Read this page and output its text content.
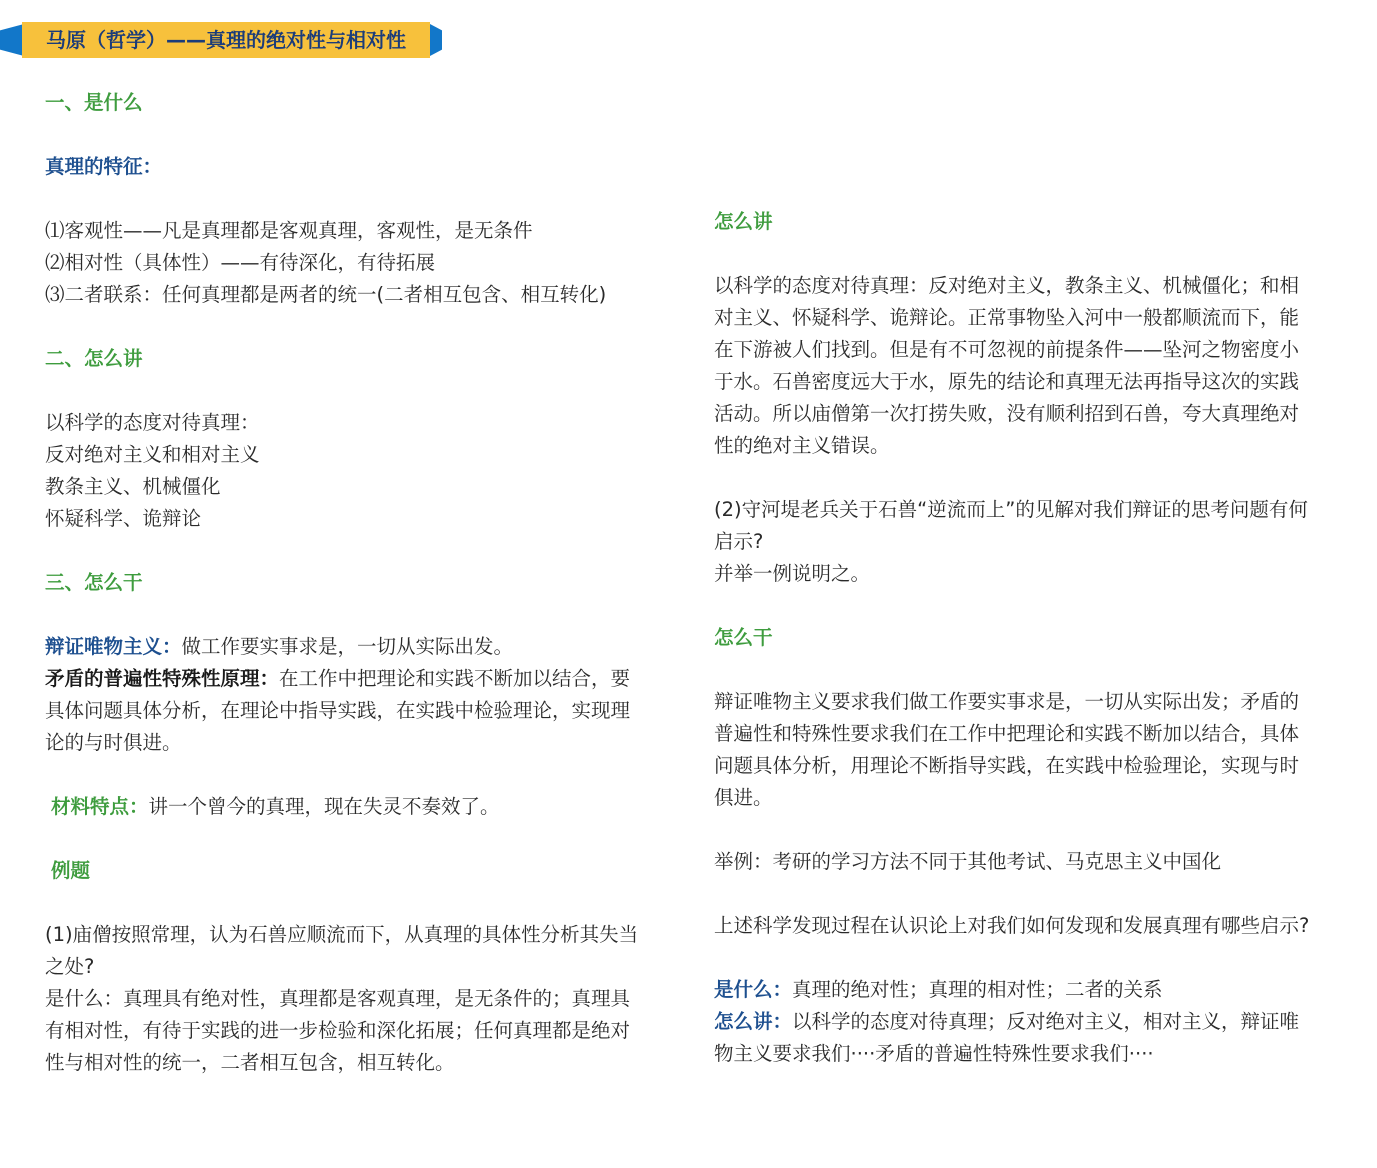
马原（哲学）——真理的绝对性与相对性

一、是什么

真理的特征：

⑴客观性——凡是真理都是客观真理，客观性，是无条件

⑵相对性（具体性）——有待深化，有待拓展

⑶二者联系：任何真理都是两者的统一(二者相互包含、相互转化)

二、怎么讲

以科学的态度对待真理：

反对绝对主义和相对主义

教条主义、机械僵化

怀疑科学、诡辩论

三、怎么干

辩证唯物主义：做工作要实事求是，一切从实际出发。

矛盾的普遍性特殊性原理：在工作中把理论和实践不断加以结合，要具体问题具体分析，在理论中指导实践，在实践中检验理论，实现理论的与时俱进。

材料特点：讲一个曾今的真理，现在失灵不奏效了。

例题

(1)庙僧按照常理，认为石兽应顺流而下，从真理的具体性分析其失当之处?

是什么：真理具有绝对性，真理都是客观真理，是无条件的；真理具有相对性，有待于实践的进一步检验和深化拓展；任何真理都是绝对性与相对性的统一，二者相互包含，相互转化。

怎么讲

以科学的态度对待真理：反对绝对主义，教条主义、机械僵化；和相对主义、怀疑科学、诡辩论。正常事物坠入河中一般都顺流而下，能在下游被人们找到。但是有不可忽视的前提条件——坠河之物密度小于水。石兽密度远大于水，原先的结论和真理无法再指导这次的实践活动。所以庙僧第一次打捞失败，没有顺利招到石兽，夸大真理绝对性的绝对主义错误。

(2)守河堤老兵关于石兽“逆流而上”的见解对我们辩证的思考问题有何启示?

并举一例说明之。

怎么干

辩证唯物主义要求我们做工作要实事求是，一切从实际出发；矛盾的普遍性和特殊性要求我们在工作中把理论和实践不断加以结合，具体问题具体分析，用理论不断指导实践，在实践中检验理论，实现与时俱进。

举例：考研的学习方法不同于其他考试、马克思主义中国化

上述科学发现过程在认识论上对我们如何发现和发展真理有哪些启示?

是什么：真理的绝对性；真理的相对性；二者的关系

怎么讲：以科学的态度对待真理；反对绝对主义，相对主义，辩证唯物主义要求我们····矛盾的普遍性特殊性要求我们····
